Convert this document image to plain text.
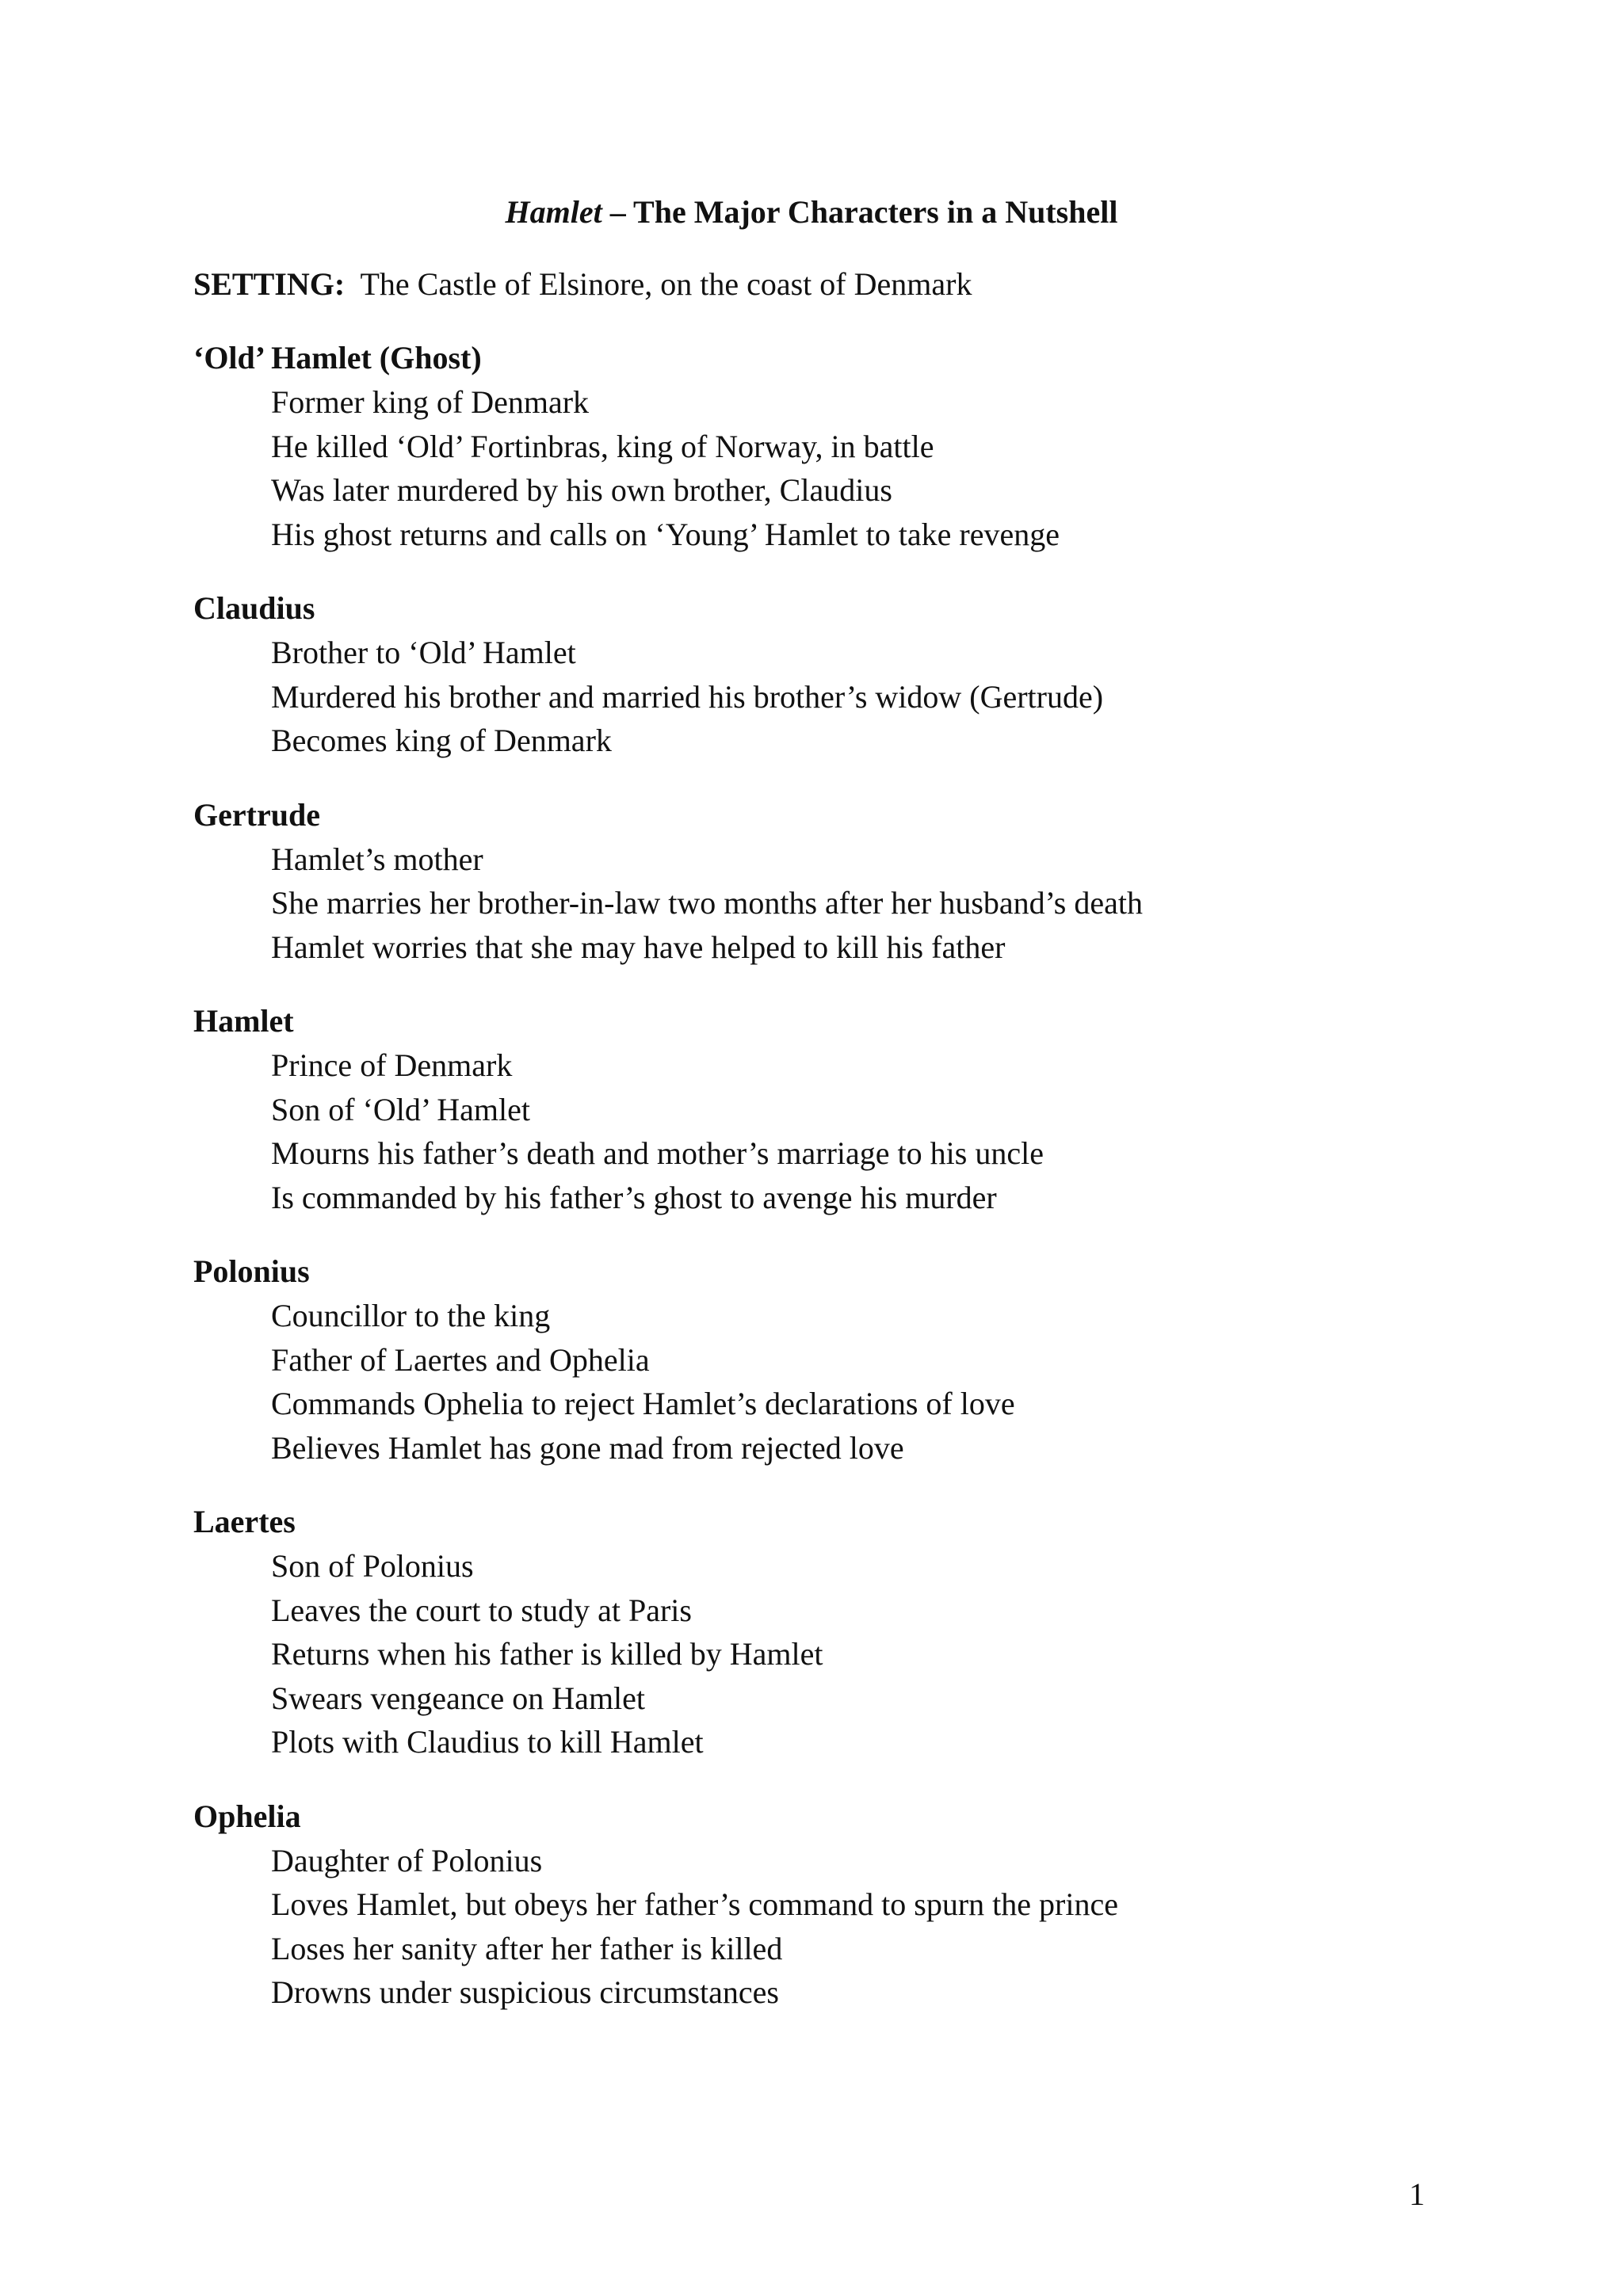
Hamlet – The Major Characters in a Nutshell
SETTING:  The Castle of Elsinore, on the coast of Denmark
‘Old’ Hamlet (Ghost)
Former king of Denmark
He killed ‘Old’ Fortinbras, king of Norway, in battle
Was later murdered by his own brother, Claudius
His ghost returns and calls on ‘Young’ Hamlet to take revenge
Claudius
Brother to ‘Old’ Hamlet
Murdered his brother and married his brother’s widow (Gertrude)
Becomes king of Denmark
Gertrude
Hamlet’s mother
She marries her brother-in-law two months after her husband’s death
Hamlet worries that she may have helped to kill his father
Hamlet
Prince of Denmark
Son of ‘Old’ Hamlet
Mourns his father’s death and mother’s marriage to his uncle
Is commanded by his father’s ghost to avenge his murder
Polonius
Councillor to the king
Father of Laertes and Ophelia
Commands Ophelia to reject Hamlet’s declarations of love
Believes Hamlet has gone mad from rejected love
Laertes
Son of Polonius
Leaves the court to study at Paris
Returns when his father is killed by Hamlet
Swears vengeance on Hamlet
Plots with Claudius to kill Hamlet
Ophelia
Daughter of Polonius
Loves Hamlet, but obeys her father’s command to spurn the prince
Loses her sanity after her father is killed
Drowns under suspicious circumstances
1
